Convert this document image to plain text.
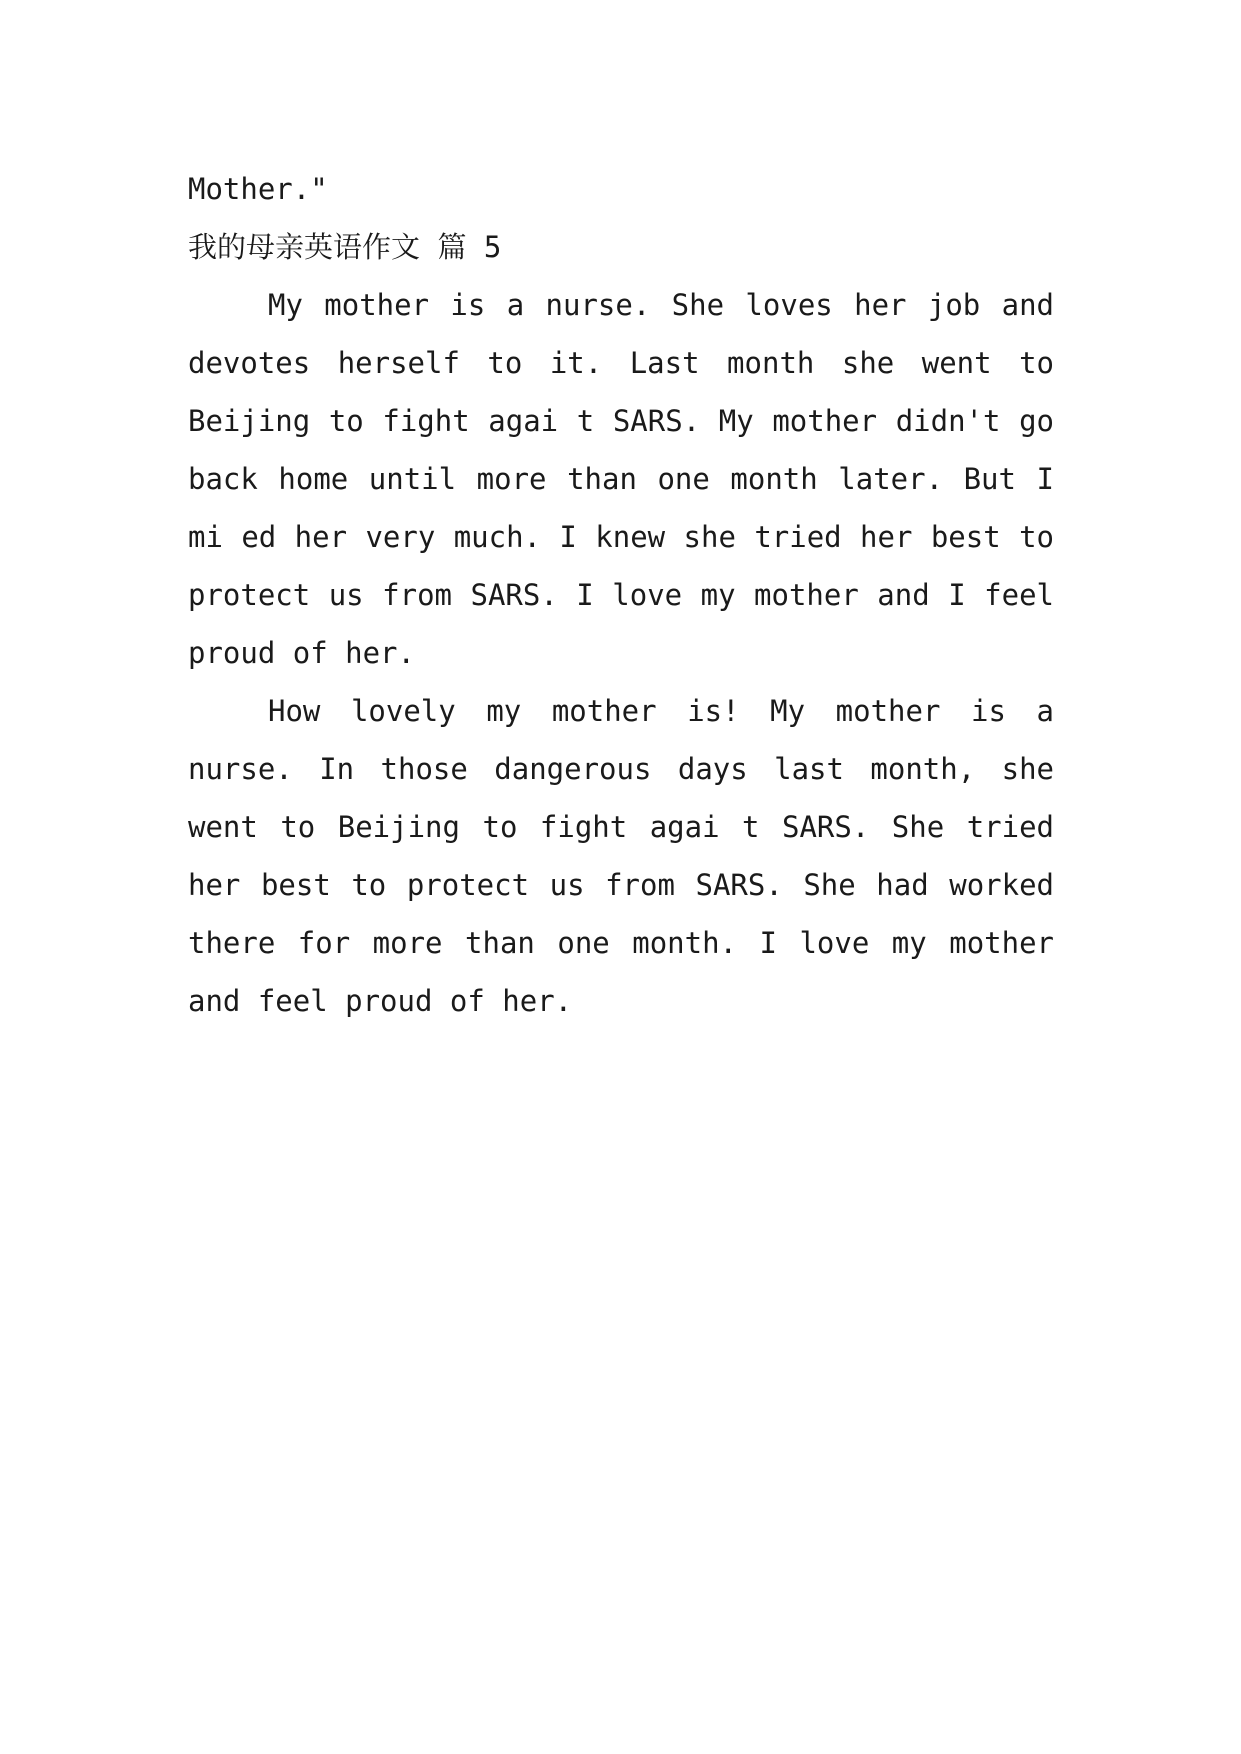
Mother."

我的母亲英语作文 篇 5

My mother is a nurse. She loves her job and devotes herself to it. Last month she went to Beijing to fight agai t SARS. My mother didn't go back home until more than one month later. But I mi ed her very much. I knew she tried her best to protect us from SARS. I love my mother and I feel proud of her.

How lovely my mother is! My mother is a nurse. In those dangerous days last month, she went to Beijing to fight agai t SARS. She tried her best to protect us from SARS. She had worked there for more than one month. I love my mother and feel proud of her.
